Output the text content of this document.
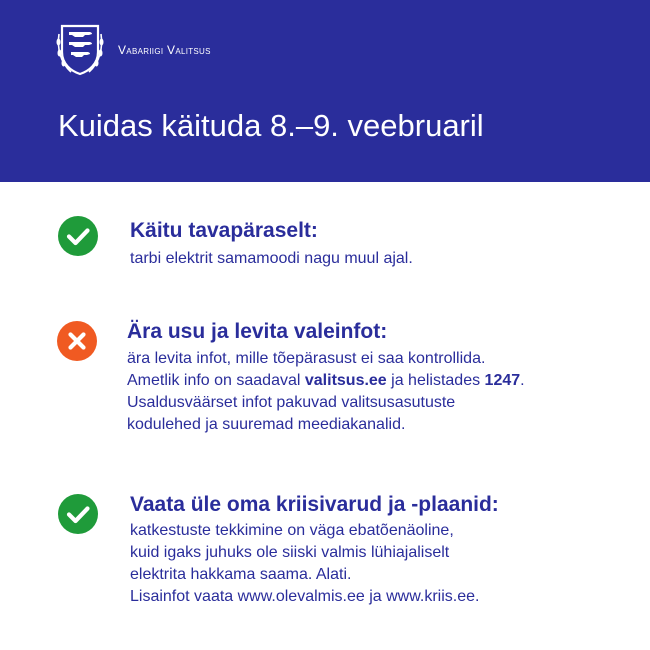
Vabariigi Valitsus
Kuidas käituda 8.–9. veebruaril
Käitu tavapäraselt:
tarbi elektrit samamoodi nagu muul ajal.
Ära usu ja levita valeinfot:
ära levita infot, mille tõepärasust ei saa kontrollida.
Ametlik info on saadaval valitsus.ee ja helistades 1247.
Usaldusväärset infot pakuvad valitsusasutuste
kodulehed ja suuremad meediakanalid.
Vaata üle oma kriisivarud ja -plaanid:
katkestuste tekkimine on väga ebatõenäoline,
kuid igaks juhuks ole siiski valmis lühiajaliselt
elektrita hakkama saama. Alati.
Lisainfot vaata www.olevalmis.ee ja www.kriis.ee.
